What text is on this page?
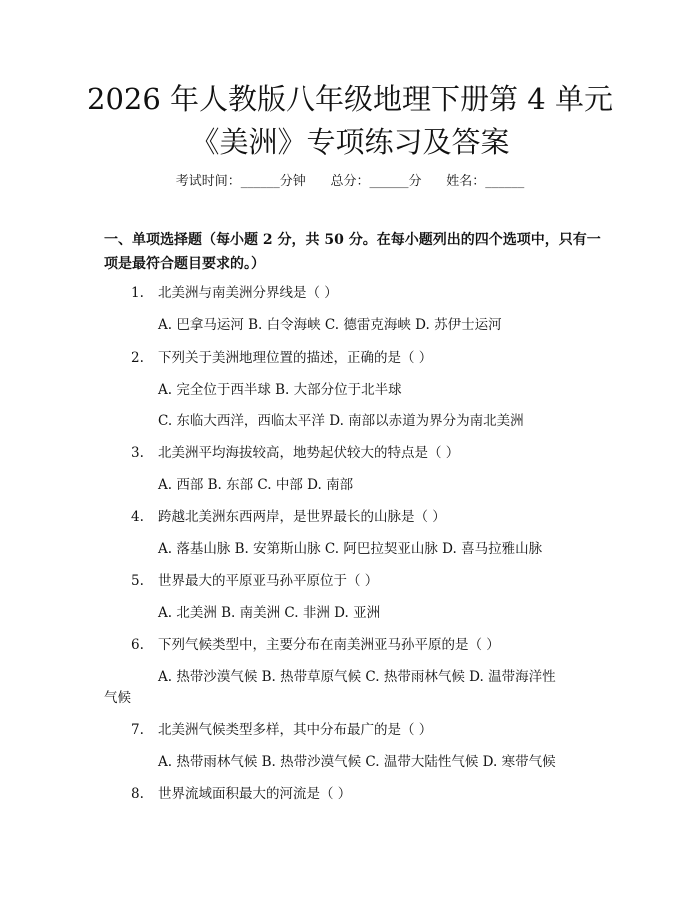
2026 年人教版八年级地理下册第 4 单元《美洲》专项练习及答案
考试时间：______分钟      总分：______分      姓名：______

一、单项选择题（每小题 2 分，共 50 分。在每小题列出的四个选项中，只有一项是最符合题目要求的。）

1. 北美洲与南美洲分界线是（ ）
A. 巴拿马运河 B. 白令海峡 C. 德雷克海峡 D. 苏伊士运河
2. 下列关于美洲地理位置的描述，正确的是（ ）
A. 完全位于西半球 B. 大部分位于北半球
C. 东临大西洋，西临太平洋 D. 南部以赤道为界分为南北美洲
3. 北美洲平均海拔较高，地势起伏较大的特点是（ ）
A. 西部 B. 东部 C. 中部 D. 南部
4. 跨越北美洲东西两岸，是世界最长的山脉是（ ）
A. 落基山脉 B. 安第斯山脉 C. 阿巴拉契亚山脉 D. 喜马拉雅山脉
5. 世界最大的平原亚马孙平原位于（ ）
A. 北美洲 B. 南美洲 C. 非洲 D. 亚洲
6. 下列气候类型中，主要分布在南美洲亚马孙平原的是（ ）
A. 热带沙漠气候 B. 热带草原气候 C. 热带雨林气候 D. 温带海洋性
气候
7. 北美洲气候类型多样，其中分布最广的是（ ）
A. 热带雨林气候 B. 热带沙漠气候 C. 温带大陆性气候 D. 寒带气候
8. 世界流域面积最大的河流是（ ）
